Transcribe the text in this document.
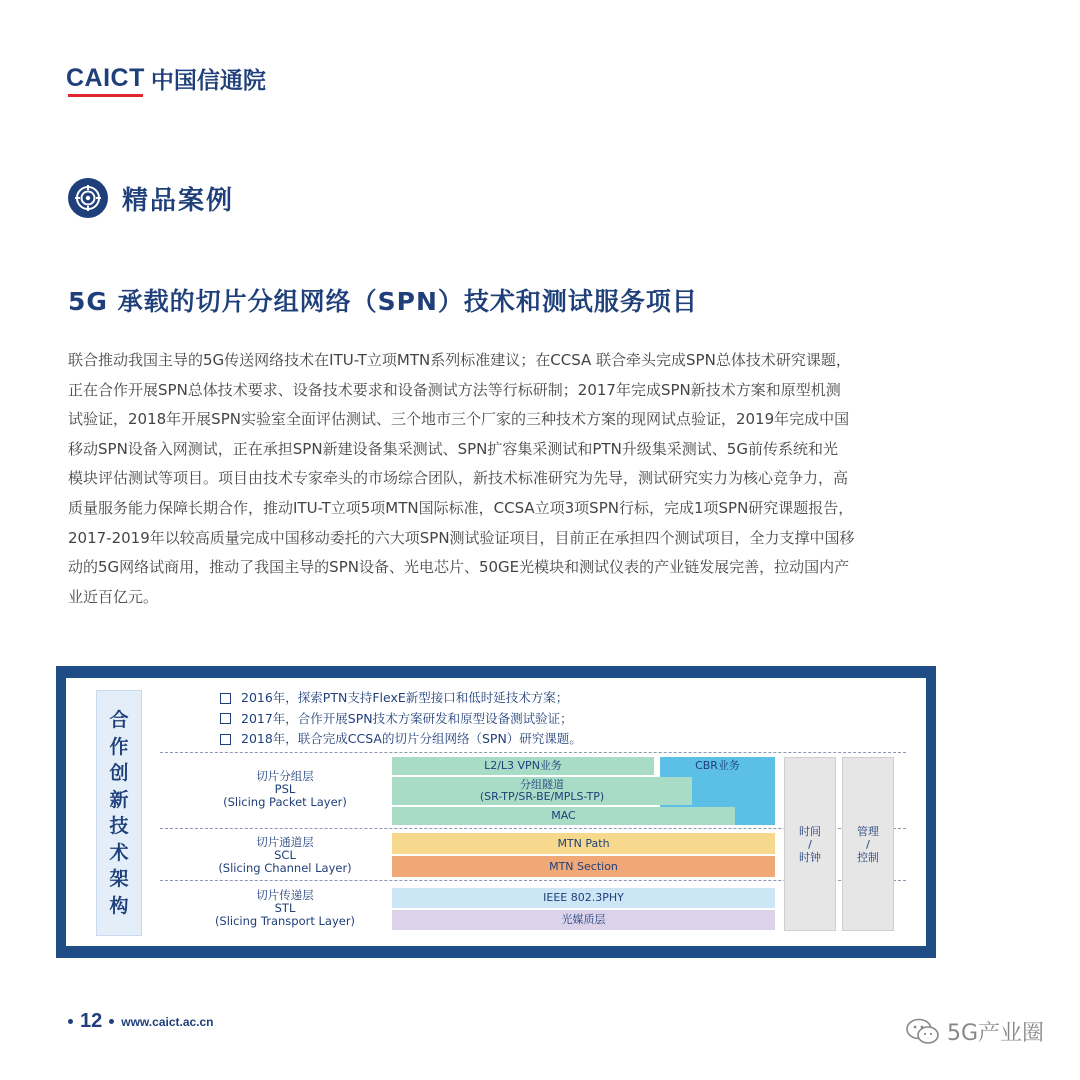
CAICT 中国信通院
精品案例
5G 承载的切片分组网络（SPN）技术和测试服务项目

联合推动我国主导的5G传送网络技术在ITU-T立项MTN系列标准建议；在CCSA 联合牵头完成SPN总体技术研究课题，

正在合作开展SPN总体技术要求、设备技术要求和设备测试方法等行标研制；2017年完成SPN新技术方案和原型机测

试验证，2018年开展SPN实验室全面评估测试、三个地市三个厂家的三种技术方案的现网试点验证，2019年完成中国

移动SPN设备入网测试，正在承担SPN新建设备集采测试、SPN扩容集采测试和PTN升级集采测试、5G前传系统和光

模块评估测试等项目。项目由技术专家牵头的市场综合团队，新技术标准研究为先导，测试研究实力为核心竞争力，高

质量服务能力保障长期合作，推动ITU-T立项5项MTN国际标准，CCSA立项3项SPN行标，完成1项SPN研究课题报告，

2017-2019年以较高质量完成中国移动委托的六大项SPN测试验证项目，目前正在承担四个测试项目，全力支撑中国移

动的5G网络试商用，推动了我国主导的SPN设备、光电芯片、50GE光模块和测试仪表的产业链发展完善，拉动国内产

业近百亿元。

合
作
创
新
技
术
架
构
2016年，探索PTN支持FlexE新型接口和低时延技术方案；
2017年，合作开展SPN技术方案研发和原型设备测试验证；
2018年，联合完成CCSA的切片分组网络（SPN）研究课题。
切片分组层
PSL
(Slicing Packet Layer)
切片通道层
SCL
(Slicing Channel Layer)
切片传递层
STL
(Slicing Transport Layer)
CBR业务
L2/L3 VPN业务
分组隧道
(SR-TP/SR-BE/MPLS-TP)
MAC
MTN Path
MTN Section
IEEE 802.3PHY
光媒质层
时间
/
时钟
管理
/
控制
12 www.caict.ac.cn	5G产业圈
